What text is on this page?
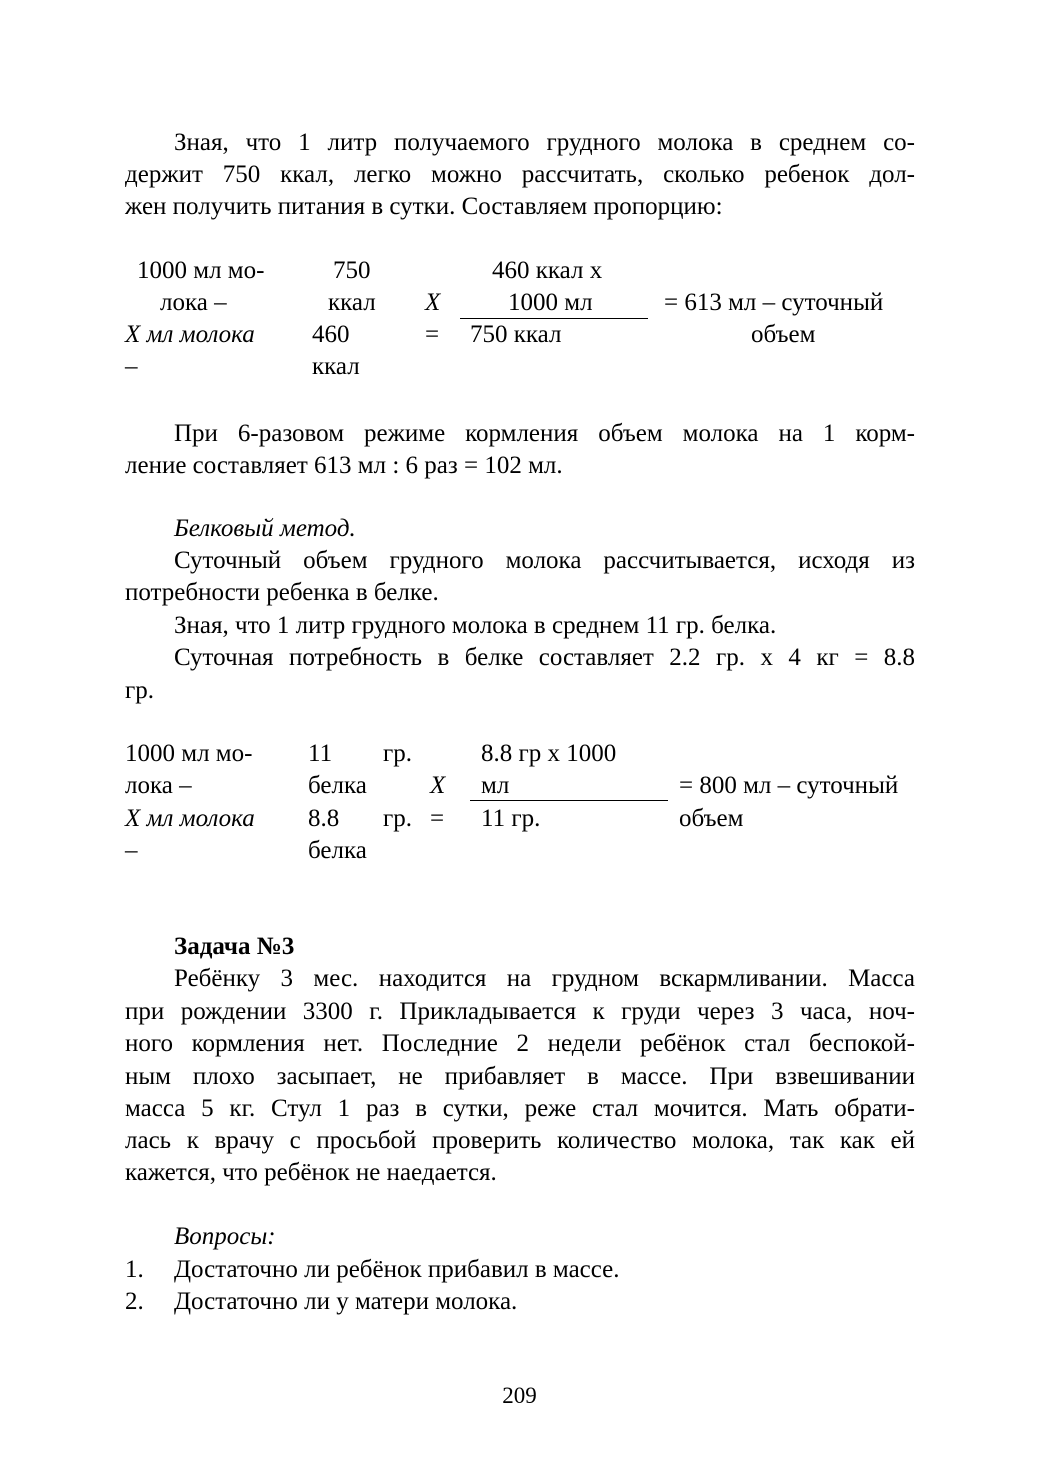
Зная, что 1 литр получаемого грудного молока в среднем со-
держит 750 ккал, легко можно рассчитать, сколько ребенок дол-
жен получить питания в сутки. Составляем пропорцию:
1000 мл мо-
лока –
X мл молока
–
750
ккал
460
ккал
X
=
460 ккал х
1000 мл
750 ккал
= 613 мл – суточный
объем
При 6-разовом режиме кормления объем молока на 1 корм-
ление составляет 613 мл : 6 раз = 102 мл.
Белковый метод.
Суточный объем грудного молока рассчитывается, исходя из
потребности ребенка в белке.
Зная, что 1 литр грудного молока в среднем 11 гр. белка.
Суточная потребность в белке составляет 2.2 гр. х 4 кг = 8.8
гр.
1000 мл мо-
лока –
X мл молока
–
11 гр.
белка
8.8 гр.
белка
X
=
8.8 гр х 1000
мл
11 гр.
= 800 мл – суточный
объем
Задача №3
Ребёнку 3 мес. находится на грудном вскармливании. Масса
при рождении 3300 г. Прикладывается к груди через 3 часа, ноч-
ного кормления нет. Последние 2 недели ребёнок стал беспокой-
ным плохо засыпает, не прибавляет в массе. При взвешивании
масса 5 кг. Стул 1 раз в сутки, реже стал мочится. Мать обрати-
лась к врачу с просьбой проверить количество молока, так как ей
кажется, что ребёнок не наедается.
Вопросы:
1. Достаточно ли ребёнок прибавил в массе.
2. Достаточно ли у матери молока.
209
